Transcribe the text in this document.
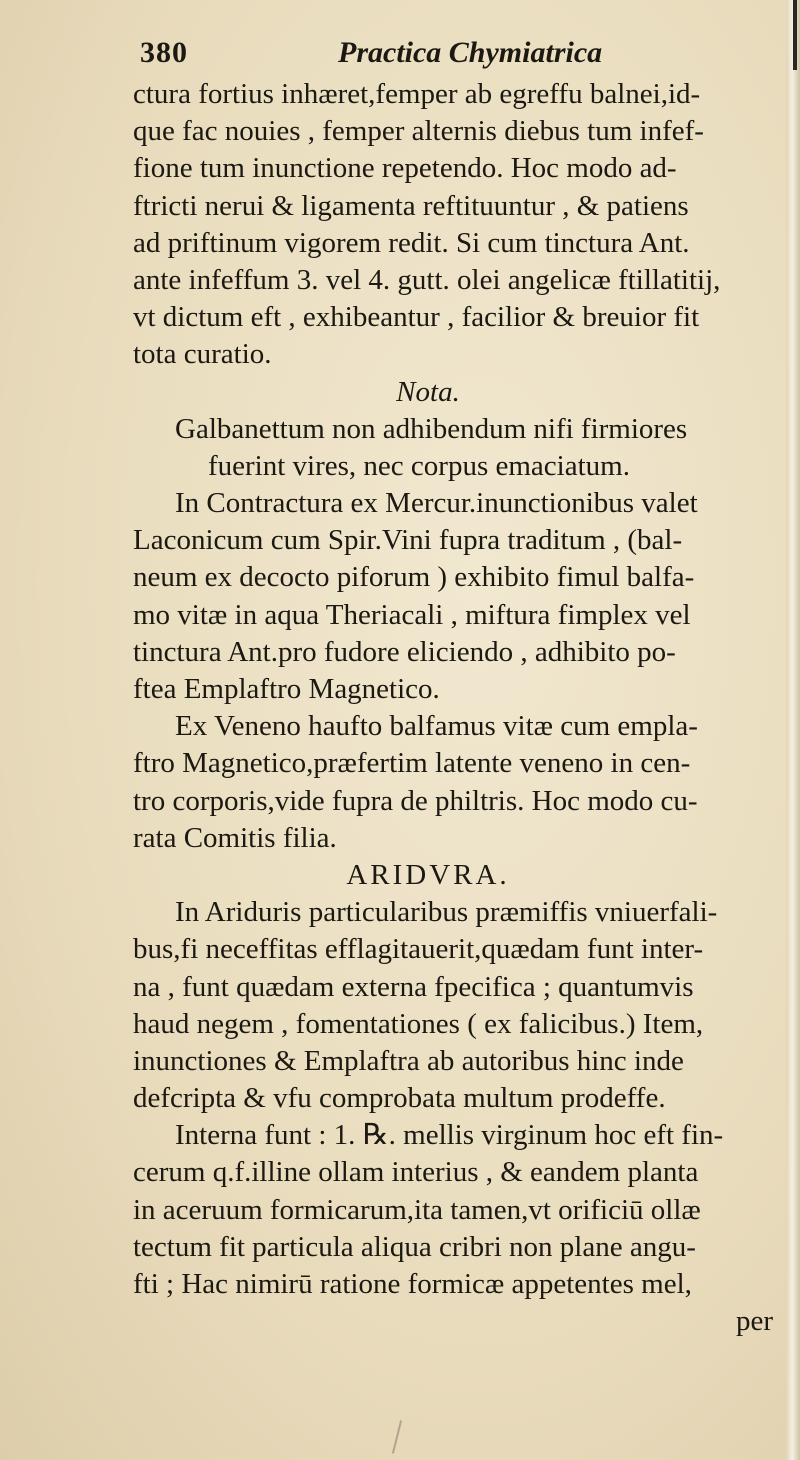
380	Practica Chymiatrica
ctura fortius inhæret,femper ab egreffu balnei,id-
que fac nouies , femper alternis diebus tum infef-
fione tum inunctione repetendo. Hoc modo ad-
ftricti nerui & ligamenta reftituuntur , & patiens
ad priftinum vigorem redit. Si cum tinctura Ant.
ante infeffum 3. vel 4. gutt. olei angelicæ ftillatitij,
vt dictum eft , exhibeantur , facilior & breuior fit
tota curatio.
Nota.
Galbanettum non adhibendum nifi firmiores
fuerint vires, nec corpus emaciatum.
In Contractura ex Mercur.inunctionibus valet
Laconicum cum Spir.Vini fupra traditum , (bal-
neum ex decocto piforum ) exhibito fimul balfa-
mo vitæ in aqua Theriacali , miftura fimplex vel
tinctura Ant.pro fudore eliciendo , adhibito po-
ftea Emplaftro Magnetico.
Ex Veneno haufto balfamus vitæ cum empla-
ftro Magnetico,præfertim latente veneno in cen-
tro corporis,vide fupra de philtris. Hoc modo cu-
rata Comitis filia.
ARIDVRA.
In Ariduris particularibus præmiffis vniuerfali-
bus,fi neceffitas efflagitauerit,quædam funt inter-
na , funt quædam externa fpecifica ; quantumvis
haud negem , fomentationes ( ex falicibus.) Item,
inunctiones & Emplaftra ab autoribus hinc inde
defcripta & vfu comprobata multum prodeffe.
Interna funt : 1. ℞. mellis virginum hoc eft fin-
cerum q.f.illine ollam interius , & eandem planta
in aceruum formicarum,ita tamen,vt orificiū ollæ
tectum fit particula aliqua cribri non plane angu-
fti ; Hac nimirū ratione formicæ appetentes mel,
per
